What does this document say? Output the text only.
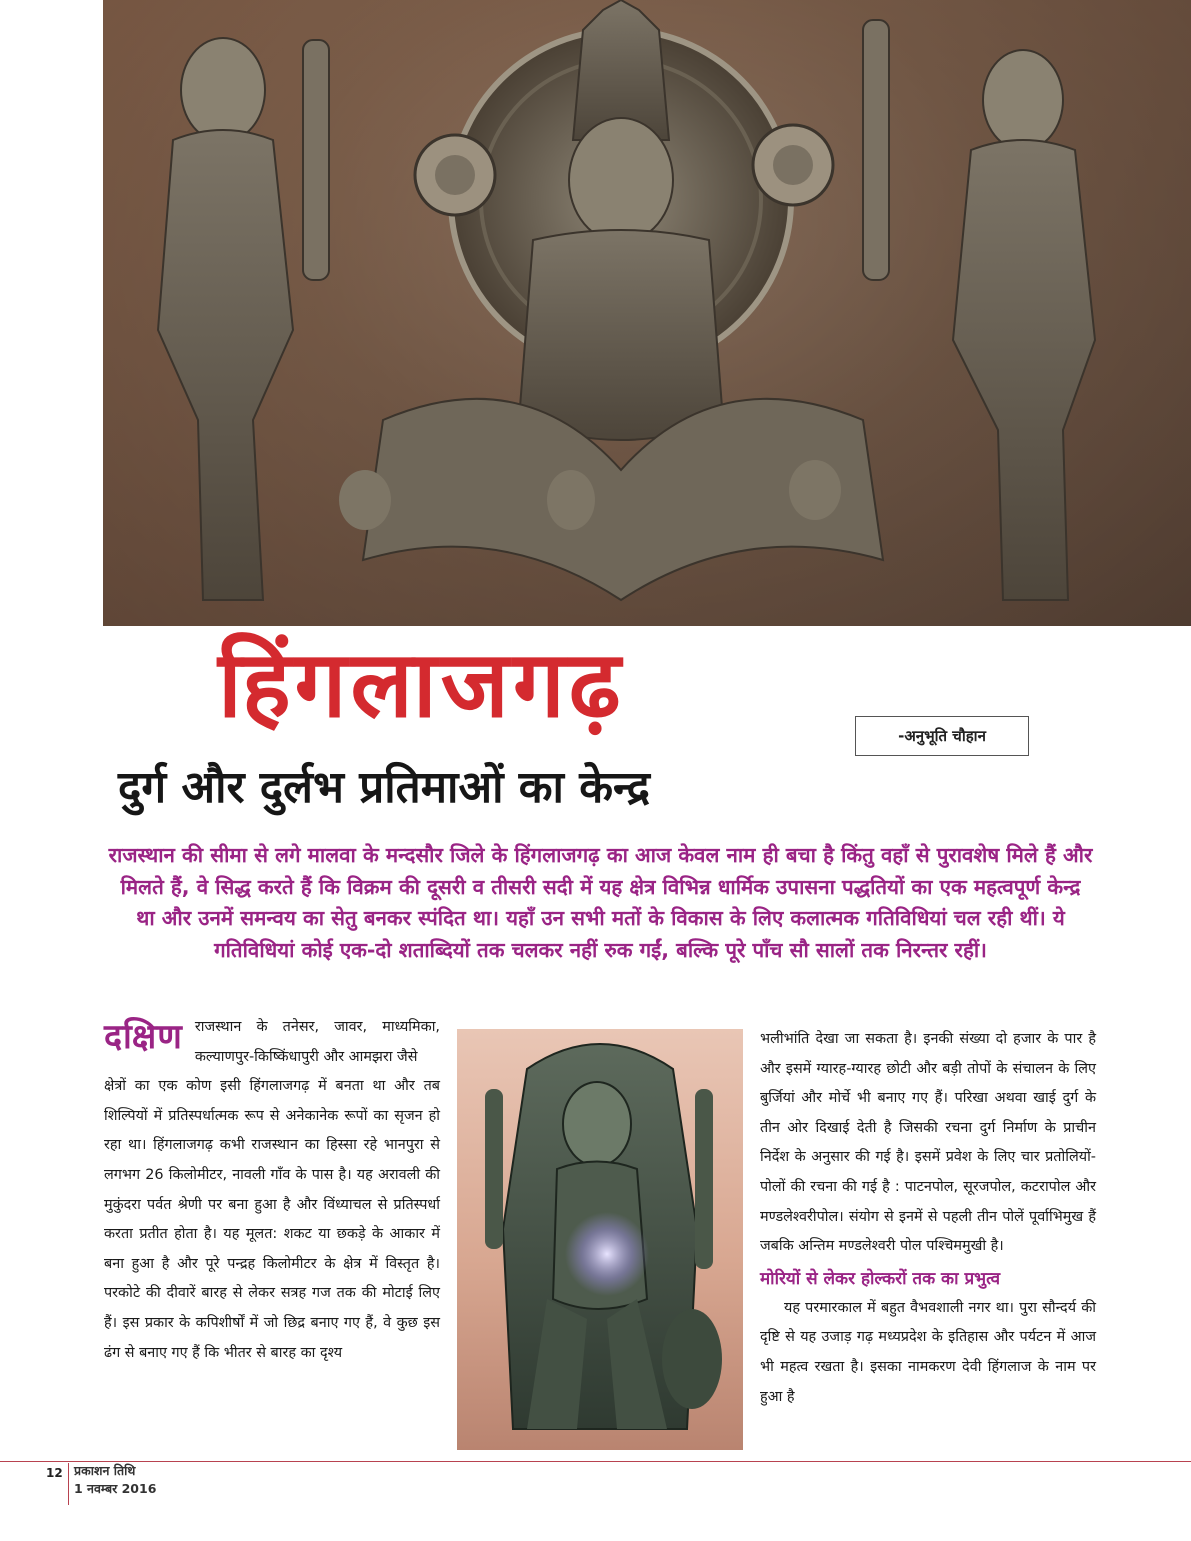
हिंगलाजगढ़
दुर्ग और दुर्लभ प्रतिमाओं का केन्द्र
-अनुभूति चौहान

राजस्थान की सीमा से लगे मालवा के मन्दसौर जिले के हिंगलाजगढ़ का आज केवल नाम ही बचा है किंतु वहाँ से पुरावशेष मिले हैं और मिलते हैं, वे सिद्ध करते हैं कि विक्रम की दूसरी व तीसरी सदी में यह क्षेत्र विभिन्न धार्मिक उपासना पद्धतियों का एक महत्वपूर्ण केन्द्र था और उनमें समन्वय का सेतु बनकर स्पंदित था। यहाँ उन सभी मतों के विकास के लिए कलात्मक गतिविधियां चल रही थीं। ये गतिविधियां कोई एक-दो शताब्दियों तक चलकर नहीं रुक गईं, बल्कि पूरे पाँच सौ सालों तक निरन्तर रहीं।

दक्षिण राजस्थान के तनेसर, जावर, माध्यमिका, कल्याणपुर-किष्किंधापुरी और आमझरा जैसे
क्षेत्रों का एक कोण इसी हिंगलाजगढ़ में बनता था और तब शिल्पियों में प्रतिस्पर्धात्मक रूप से अनेकानेक रूपों का सृजन हो रहा था। हिंगलाजगढ़ कभी राजस्थान का हिस्सा रहे भानपुरा से लगभग 26 किलोमीटर, नावली गाँव के पास है। यह अरावली की मुकुंदरा पर्वत श्रेणी पर बना हुआ है और विंध्याचल से प्रतिस्पर्धा करता प्रतीत होता है। यह मूलत: शकट या छकड़े के आकार में बना हुआ है और पूरे पन्द्रह किलोमीटर के क्षेत्र में विस्तृत है। परकोटे की दीवारें बारह से लेकर सत्रह गज तक की मोटाई लिए हैं। इस प्रकार के कपिशीर्षों में जो छिद्र बनाए गए हैं, वे कुछ इस ढंग से बनाए गए हैं कि भीतर से बारह का दृश्य
भलीभांति देखा जा सकता है। इनकी संख्या दो हजार के पार है और इसमें ग्यारह-ग्यारह छोटी और बड़ी तोपों के संचालन के लिए बुर्जियां और मोर्चे भी बनाए गए हैं। परिखा अथवा खाई दुर्ग के तीन ओर दिखाई देती है जिसकी रचना दुर्ग निर्माण के प्राचीन निर्देश के अनुसार की गई है। इसमें प्रवेश के लिए चार प्रतोलियों-पोलों की रचना की गई है : पाटनपोल, सूरजपोल, कटरापोल और मण्डलेश्वरीपोल। संयोग से इनमें से पहली तीन पोलें पूर्वाभिमुख हैं जबकि अन्तिम मण्डलेश्वरी पोल पश्चिममुखी है।
मोरियों से लेकर होल्करों तक का प्रभुत्व
यह परमारकाल में बहुत वैभवशाली नगर था। पुरा सौन्दर्य की दृष्टि से यह उजाड़ गढ़ मध्यप्रदेश के इतिहास और पर्यटन में आज भी महत्व रखता है। इसका नामकरण देवी हिंगलाज के नाम पर हुआ है
12 प्रकाशन तिथि
1 नवम्बर 2016
